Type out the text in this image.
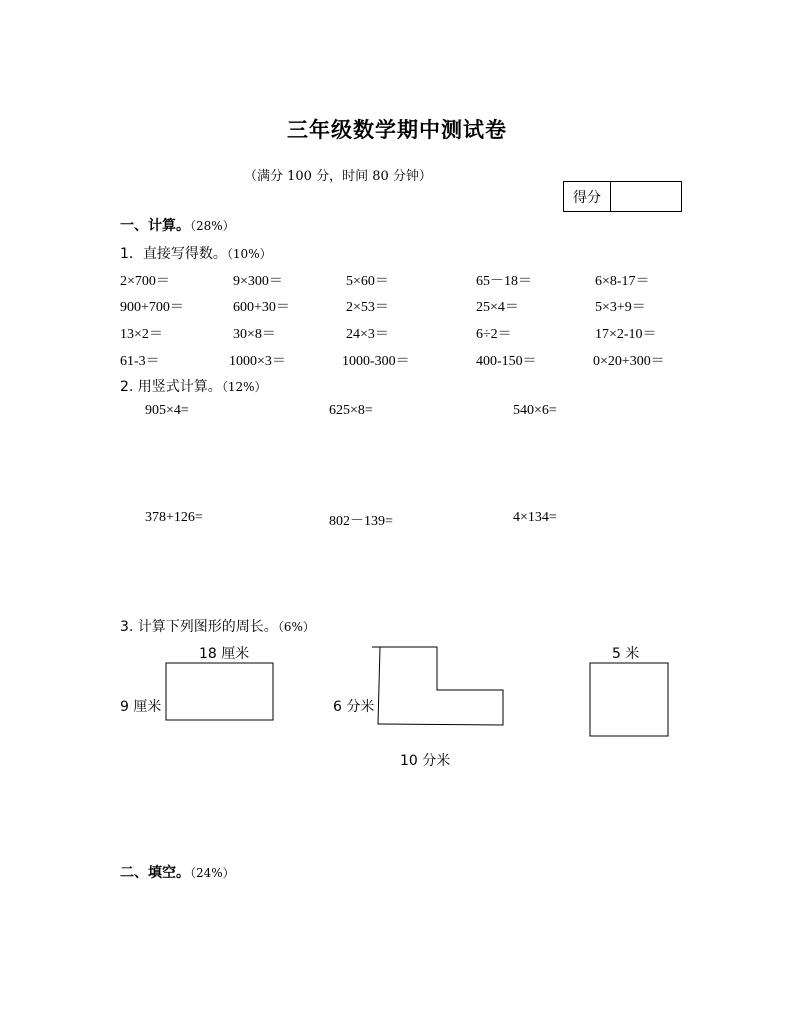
三年级数学期中测试卷
（满分 100 分，时间 80 分钟）
得分
一、计算。（28%）
1．直接写得数。（10%）
2×700＝	9×300＝	5×60＝	65－18＝	6×8-17＝
900+700＝	600+30＝	2×53＝	25×4＝	5×3+9＝
13×2＝	30×8＝	24×3＝	6÷2＝	17×2-10＝
61-3＝	1000×3＝	1000-300＝	400-150＝	0×20+300＝
2. 用竖式计算。（12%）
905×4=	625×8=	540×6=
378+126=	802－139=	4×134=
3. 计算下列图形的周长。（6%）
18 厘米
9 厘米	6 分米
10 分米
5 米
二、填空。（24%）
